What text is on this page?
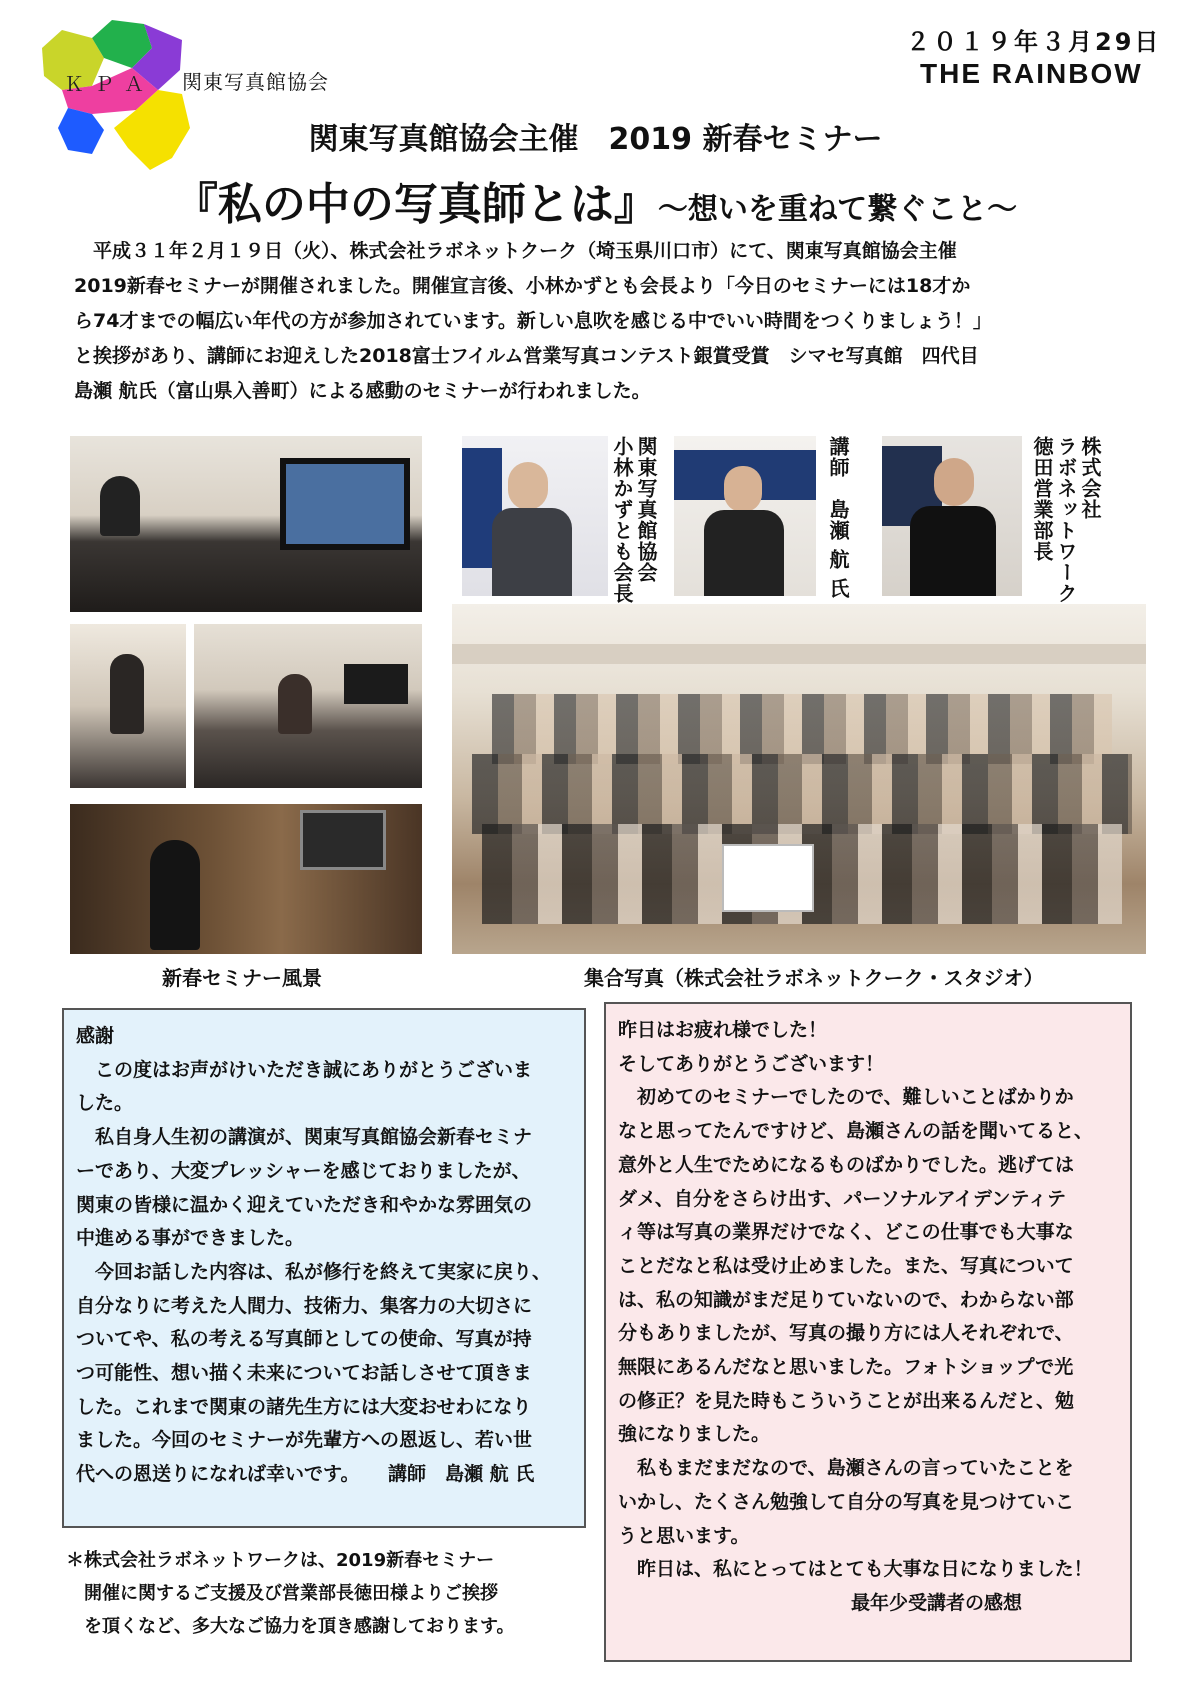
ＫＰＡ 関東写真館協会
２０１９年３月29日
THE RAINBOW
関東写真館協会主催　2019 新春セミナー
『私の中の写真師とは』〜想いを重ねて繋ぐこと〜

　平成３１年２月１９日（火）、株式会社ラボネットクーク（埼玉県川口市）にて、関東写真館協会主催

2019新春セミナーが開催されました。開催宣言後、小林かずとも会長より「今日のセミナーには18才か

ら74才までの幅広い年代の方が参加されています。新しい息吹を感じる中でいい時間をつくりましょう！」

と挨拶があり、講師にお迎えした2018富士フイルム営業写真コンテスト銀賞受賞　シマセ写真館　四代目

島瀬 航氏（富山県入善町）による感動のセミナーが行われました。

新春セミナー風景
関東写真館協会
小林かずとも会長	講師　島瀬 航 氏	株式会社
ラボネットワーク
徳田営業部長
集合写真（株式会社ラボネットクーク・スタジオ）

感謝

　この度はお声がけいただき誠にありがとうございま

した。

　私自身人生初の講演が、関東写真館協会新春セミナ

ーであり、大変プレッシャーを感じておりましたが、

関東の皆様に温かく迎えていただき和やかな雰囲気の

中進める事ができました。

　今回お話した内容は、私が修行を終えて実家に戻り、

自分なりに考えた人間力、技術力、集客力の大切さに

ついてや、私の考える写真師としての使命、写真が持

つ可能性、想い描く未来についてお話しさせて頂きま

した。これまで関東の諸先生方には大変おせわになり

ました。今回のセミナーが先輩方への恩返し、若い世

代への恩送りになれば幸いです。　　講師　島瀬 航 氏

＊株式会社ラボネットワークは、2019新春セミナー

　開催に関するご支援及び営業部長徳田様よりご挨拶

　を頂くなど、多大なご協力を頂き感謝しております。

昨日はお疲れ様でした！

そしてありがとうございます！

　初めてのセミナーでしたので、難しいことばかりか

なと思ってたんですけど、島瀬さんの話を聞いてると、

意外と人生でためになるものばかりでした。逃げては

ダメ、自分をさらけ出す、パーソナルアイデンティテ

ィ等は写真の業界だけでなく、どこの仕事でも大事な

ことだなと私は受け止めました。また、写真について

は、私の知識がまだ足りていないので、わからない部

分もありましたが、写真の撮り方には人それぞれで、

無限にあるんだなと思いました。フォトショップで光

の修正？を見た時もこういうことが出来るんだと、勉

強になりました。

　私もまだまだなので、島瀬さんの言っていたことを

いかし、たくさん勉強して自分の写真を見つけていこ

うと思います。

　昨日は、私にとってはとても大事な日になりました！

最年少受講者の感想
